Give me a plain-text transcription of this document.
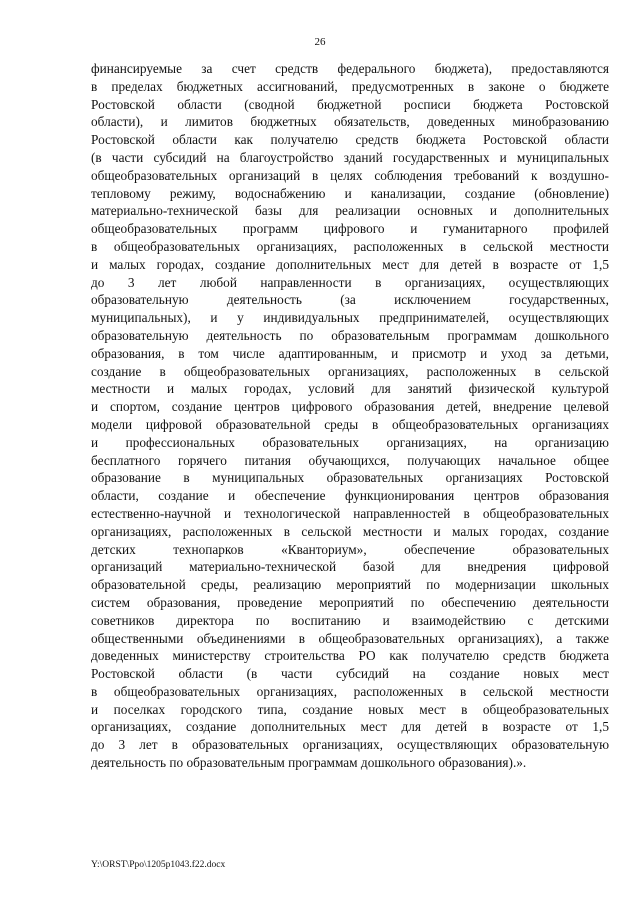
26
финансируемые за счет средств федерального бюджета), предоставляются
в пределах бюджетных ассигнований, предусмотренных в законе о бюджете
Ростовской области (сводной бюджетной росписи бюджета Ростовской
области), и лимитов бюджетных обязательств, доведенных минобразованию
Ростовской области как получателю средств бюджета Ростовской области
(в части субсидий на благоустройство зданий государственных и муниципальных
общеобразовательных организаций в целях соблюдения требований к воздушно-
тепловому режиму, водоснабжению и канализации, создание (обновление)
материально-технической базы для реализации основных и дополнительных
общеобразовательных программ цифрового и гуманитарного профилей
в общеобразовательных организациях, расположенных в сельской местности
и малых городах, создание дополнительных мест для детей в возрасте от 1,5
до 3 лет любой направленности в организациях, осуществляющих
образовательную деятельность (за исключением государственных,
муниципальных), и у индивидуальных предпринимателей, осуществляющих
образовательную деятельность по образовательным программам дошкольного
образования, в том числе адаптированным, и присмотр и уход за детьми,
создание в общеобразовательных организациях, расположенных в сельской
местности и малых городах, условий для занятий физической культурой
и спортом, создание центров цифрового образования детей, внедрение целевой
модели цифровой образовательной среды в общеобразовательных организациях
и профессиональных образовательных организациях, на организацию
бесплатного горячего питания обучающихся, получающих начальное общее
образование в муниципальных образовательных организациях Ростовской
области, создание и обеспечение функционирования центров образования
естественно-научной и технологической направленностей в общеобразовательных
организациях, расположенных в сельской местности и малых городах, создание
детских технопарков «Кванториум», обеспечение образовательных
организаций материально-технической базой для внедрения цифровой
образовательной среды, реализацию мероприятий по модернизации школьных
систем образования, проведение мероприятий по обеспечению деятельности
советников директора по воспитанию и взаимодействию с детскими
общественными объединениями в общеобразовательных организациях), а также
доведенных министерству строительства РО как получателю средств бюджета
Ростовской области (в части субсидий на создание новых мест
в общеобразовательных организациях, расположенных в сельской местности
и поселках городского типа, создание новых мест в общеобразовательных
организациях, создание дополнительных мест для детей в возрасте от 1,5
до 3 лет в образовательных организациях, осуществляющих образовательную
деятельность по образовательным программам дошкольного образования).».
Y:\ORST\Ppo\1205p1043.f22.docx
